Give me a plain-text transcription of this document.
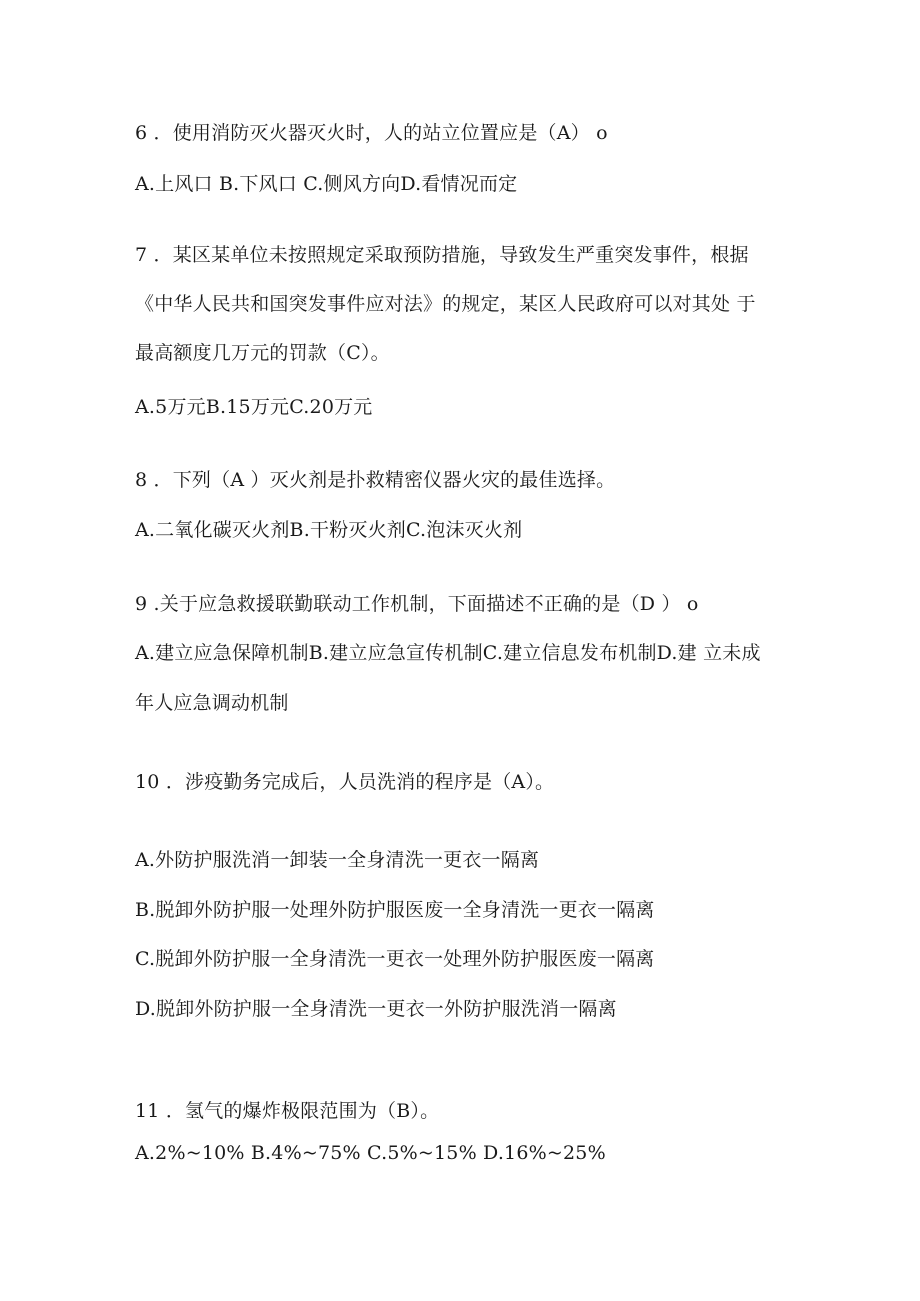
6 ．使用消防灭火器灭火时，人的站立位置应是（A） o
A.上风口 B.下风口 C.侧风方向D.看情况而定
7 ．某区某单位未按照规定采取预防措施，导致发生严重突发事件，根据
《中华人民共和国突发事件应对法》的规定，某区人民政府可以对其处 于
最高额度几万元的罚款（C）。
A.5万元B.15万元C.20万元
8 ．下列（A ）灭火剂是扑救精密仪器火灾的最佳选择。
A.二氧化碳灭火剂B.干粉灭火剂C.泡沫灭火剂
9 .关于应急救援联勤联动工作机制，下面描述不正确的是（D ） o
A.建立应急保障机制B.建立应急宣传机制C.建立信息发布机制D.建 立未成
年人应急调动机制
10 ．涉疫勤务完成后，人员洗消的程序是（A）。
A.外防护服洗消一卸装一全身清洗一更衣一隔离
B.脱卸外防护服一处理外防护服医废一全身清洗一更衣一隔离
C.脱卸外防护服一全身清洗一更衣一处理外防护服医废一隔离
D.脱卸外防护服一全身清洗一更衣一外防护服洗消一隔离
11 ．氢气的爆炸极限范围为（B）。
A.2%~10% B.4%~75% C.5%~15% D.16%~25%
